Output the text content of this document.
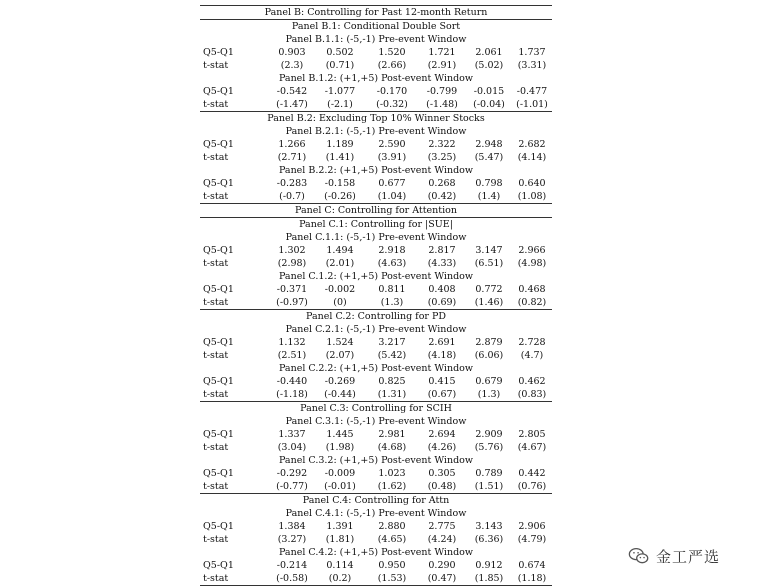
Panel B: Controlling for Past 12-month Return
Panel B.1: Conditional Double Sort
Panel B.1.1: (-5,-1) Pre-event Window
Q5-Q1	0.903	0.502	1.520	1.721	2.061	1.737
t-stat	(2.3)	(0.71)	(2.66)	(2.91)	(5.02)	(3.31)
Panel B.1.2: (+1,+5) Post-event Window
Q5-Q1	-0.542	-1.077	-0.170	-0.799	-0.015	-0.477
t-stat	(-1.47)	(-2.1)	(-0.32)	(-1.48)	(-0.04)	(-1.01)
Panel B.2: Excluding Top 10% Winner Stocks
Panel B.2.1: (-5,-1) Pre-event Window
Q5-Q1	1.266	1.189	2.590	2.322	2.948	2.682
t-stat	(2.71)	(1.41)	(3.91)	(3.25)	(5.47)	(4.14)
Panel B.2.2: (+1,+5) Post-event Window
Q5-Q1	-0.283	-0.158	0.677	0.268	0.798	0.640
t-stat	(-0.7)	(-0.26)	(1.04)	(0.42)	(1.4)	(1.08)
Panel C: Controlling for Attention
Panel C.1: Controlling for |SUE|
Panel C.1.1: (-5,-1) Pre-event Window
Q5-Q1	1.302	1.494	2.918	2.817	3.147	2.966
t-stat	(2.98)	(2.01)	(4.63)	(4.33)	(6.51)	(4.98)
Panel C.1.2: (+1,+5) Post-event Window
Q5-Q1	-0.371	-0.002	0.811	0.408	0.772	0.468
t-stat	(-0.97)	(0)	(1.3)	(0.69)	(1.46)	(0.82)
Panel C.2: Controlling for PD
Panel C.2.1: (-5,-1) Pre-event Window
Q5-Q1	1.132	1.524	3.217	2.691	2.879	2.728
t-stat	(2.51)	(2.07)	(5.42)	(4.18)	(6.06)	(4.7)
Panel C.2.2: (+1,+5) Post-event Window
Q5-Q1	-0.440	-0.269	0.825	0.415	0.679	0.462
t-stat	(-1.18)	(-0.44)	(1.31)	(0.67)	(1.3)	(0.83)
Panel C.3: Controlling for SCIH
Panel C.3.1: (-5,-1) Pre-event Window
Q5-Q1	1.337	1.445	2.981	2.694	2.909	2.805
t-stat	(3.04)	(1.98)	(4.68)	(4.26)	(5.76)	(4.67)
Panel C.3.2: (+1,+5) Post-event Window
Q5-Q1	-0.292	-0.009	1.023	0.305	0.789	0.442
t-stat	(-0.77)	(-0.01)	(1.62)	(0.48)	(1.51)	(0.76)
Panel C.4: Controlling for Attn
Panel C.4.1: (-5,-1) Pre-event Window
Q5-Q1	1.384	1.391	2.880	2.775	3.143	2.906
t-stat	(3.27)	(1.81)	(4.65)	(4.24)	(6.36)	(4.79)
Panel C.4.2: (+1,+5) Post-event Window
Q5-Q1	-0.214	0.114	0.950	0.290	0.912	0.674
t-stat	(-0.58)	(0.2)	(1.53)	(0.47)	(1.85)	(1.18)
金工严选
